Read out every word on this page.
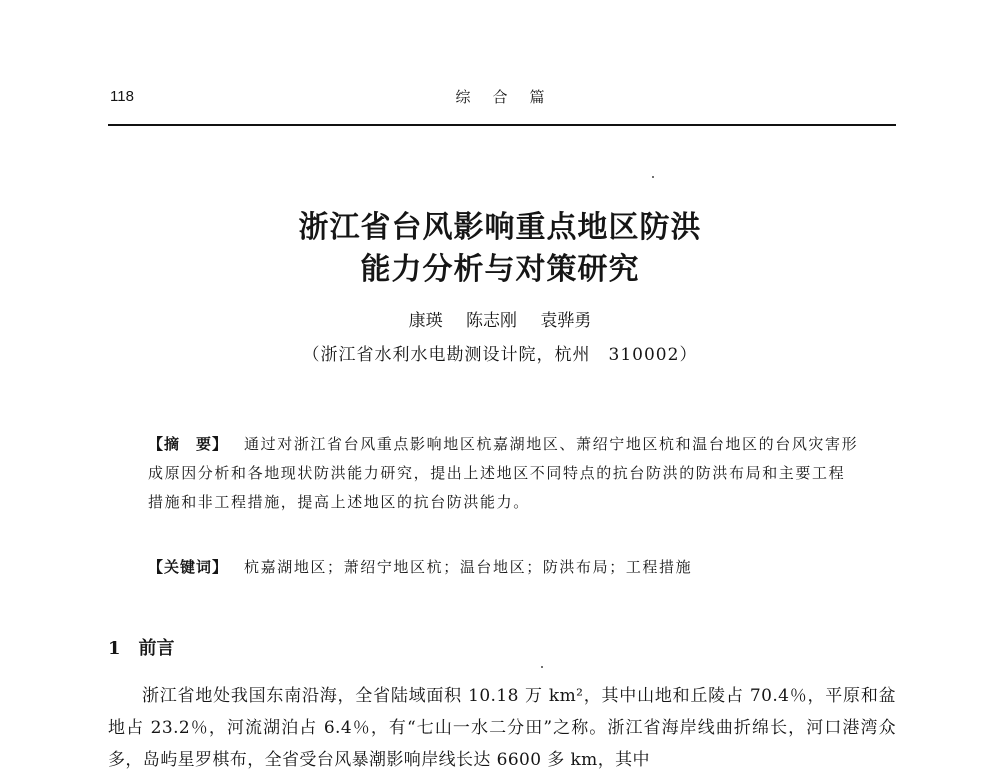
118	综合篇
浙江省台风影响重点地区防洪
能力分析与对策研究
康瑛 陈志刚 袁骅勇
（浙江省水利水电勘测设计院，杭州　310002）
【摘　要】 通过对浙江省台风重点影响地区杭嘉湖地区、萧绍宁地区杭和温台地区的台风灾害形成原因分析和各地现状防洪能力研究，提出上述地区不同特点的抗台防洪的防洪布局和主要工程措施和非工程措施，提高上述地区的抗台防洪能力。
【关键词】 杭嘉湖地区；萧绍宁地区杭；温台地区；防洪布局；工程措施
1 前言
浙江省地处我国东南沿海，全省陆域面积 10.18 万 km²，其中山地和丘陵占 70.4％，平原和盆地占 23.2％，河流湖泊占 6.4％，有“七山一水二分田”之称。浙江省海岸线曲折绵长，河口港湾众多，岛屿星罗棋布，全省受台风暴潮影响岸线长达 6600 多 km，其中
